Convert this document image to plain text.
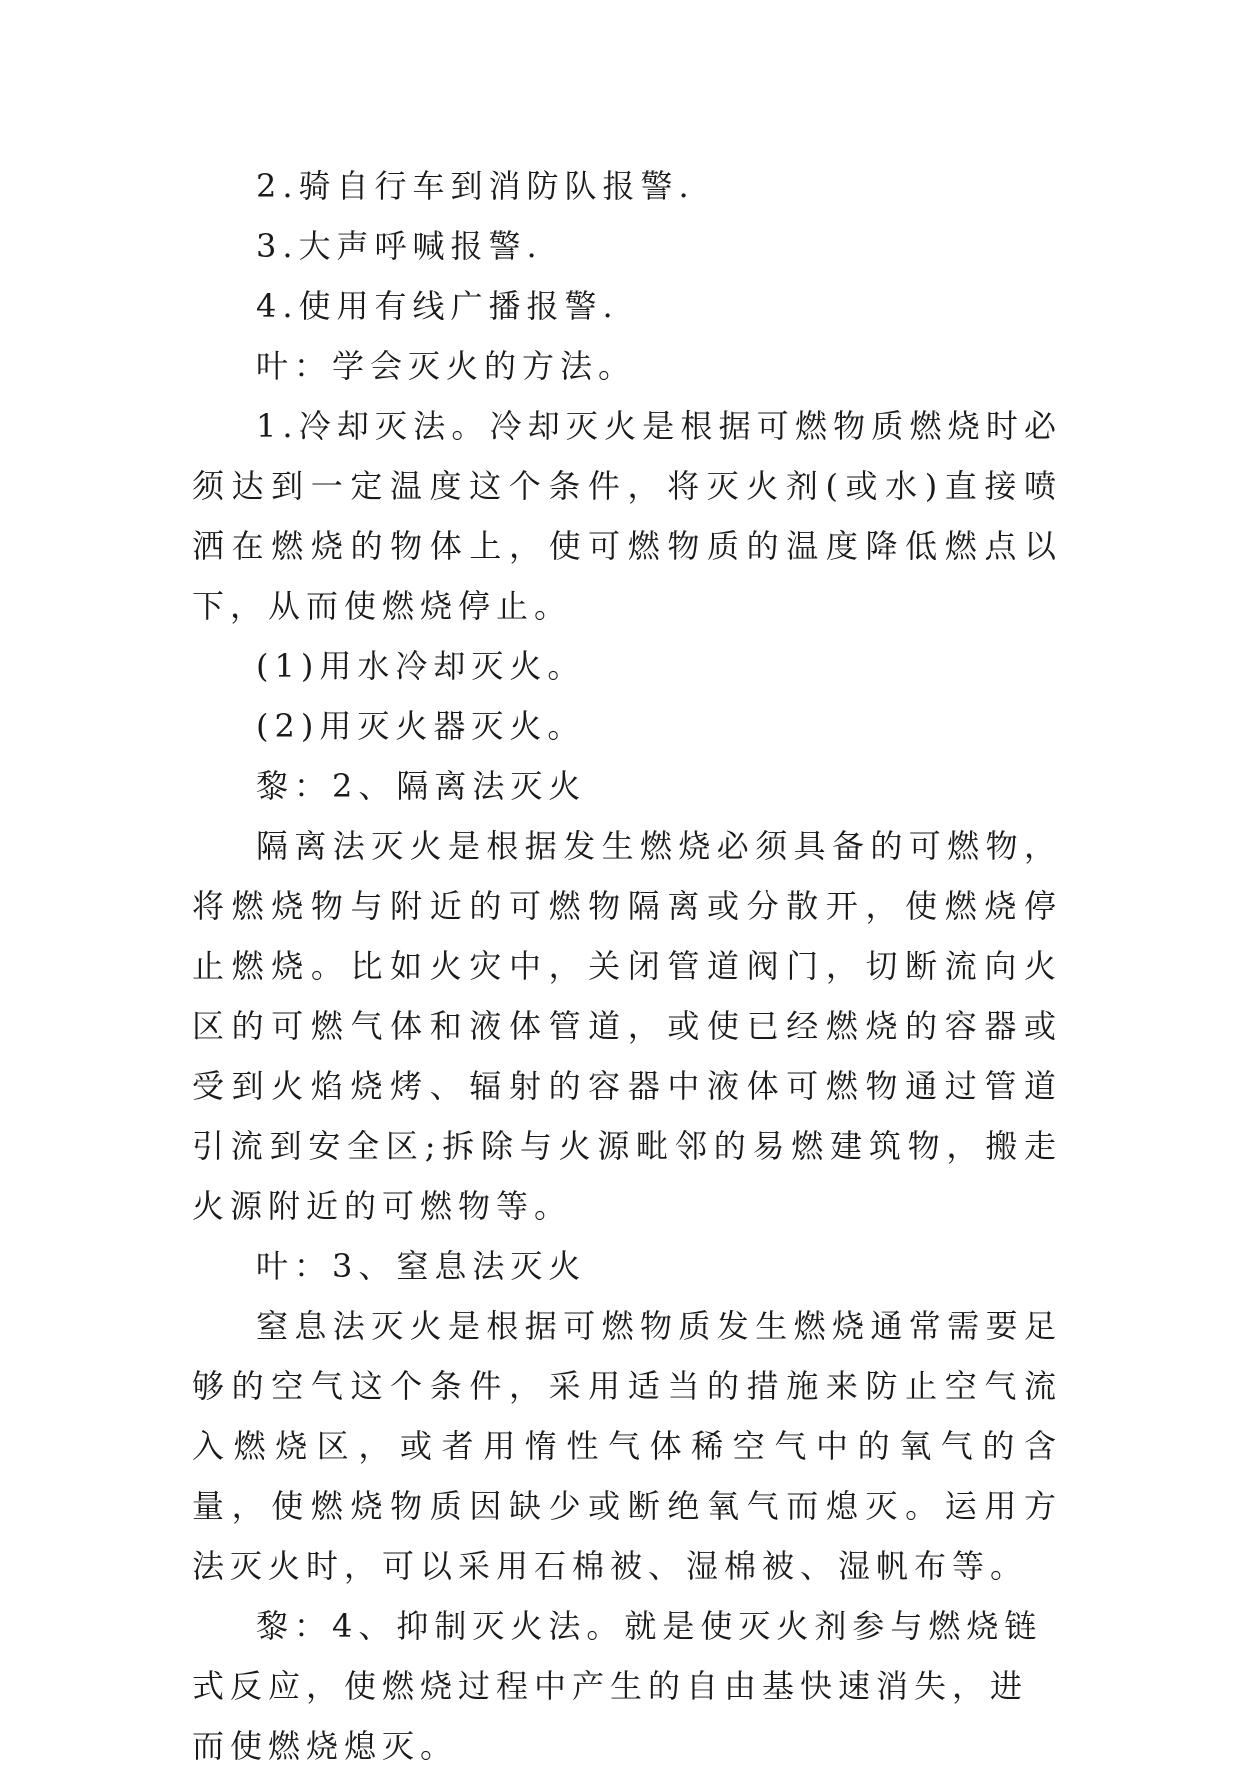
2.骑自行车到消防队报警.

3.大声呼喊报警.

4.使用有线广播报警.

叶：学会灭火的方法。

1.冷却灭法。冷却灭火是根据可燃物质燃烧时必须达到一定温度这个条件，将灭火剂(或水)直接喷洒在燃烧的物体上，使可燃物质的温度降低燃点以下，从而使燃烧停止。

(1)用水冷却灭火。

(2)用灭火器灭火。

黎：2、隔离法灭火

隔离法灭火是根据发生燃烧必须具备的可燃物，将燃烧物与附近的可燃物隔离或分散开，使燃烧停止燃烧。比如火灾中，关闭管道阀门，切断流向火区的可燃气体和液体管道，或使已经燃烧的容器或受到火焰烧烤、辐射的容器中液体可燃物通过管道引流到安全区;拆除与火源毗邻的易燃建筑物，搬走火源附近的可燃物等。

叶：3、窒息法灭火

窒息法灭火是根据可燃物质发生燃烧通常需要足够的空气这个条件，采用适当的措施来防止空气流入燃烧区，或者用惰性气体稀空气中的氧气的含量，使燃烧物质因缺少或断绝氧气而熄灭。运用方法灭火时，可以采用石棉被、湿棉被、湿帆布等。

黎：4、抑制灭火法。就是使灭火剂参与燃烧链式反应，使燃烧过程中产生的自由基快速消失，进而使燃烧熄灭。
